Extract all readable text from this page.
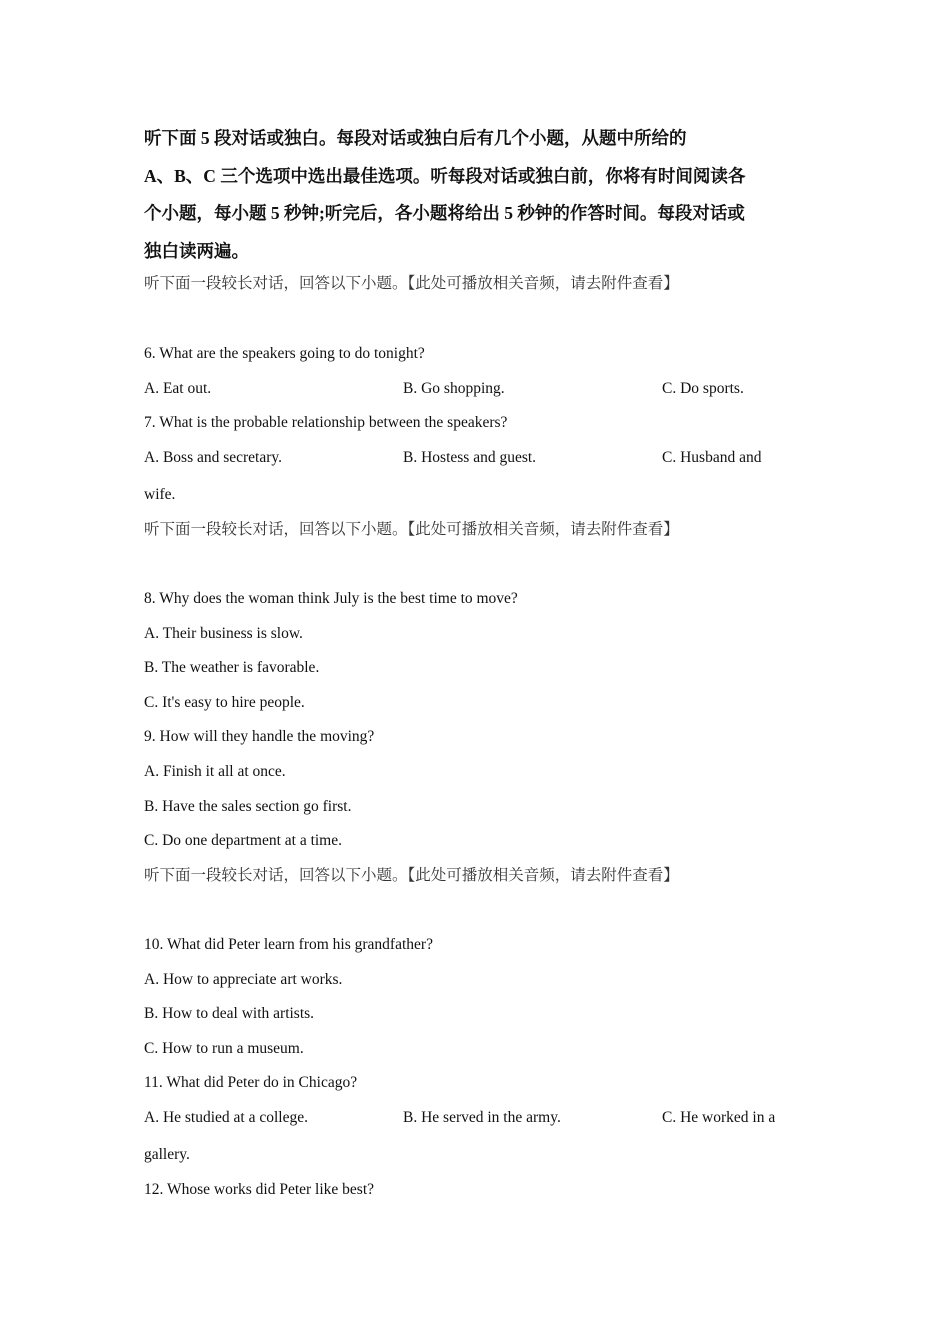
听下面 5 段对话或独白。每段对话或独白后有几个小题，从题中所给的

A、B、C 三个选项中选出最佳选项。听每段对话或独白前，你将有时间阅读各

个小题，每小题 5 秒钟;听完后，各小题将给出 5 秒钟的作答时间。每段对话或

独白读两遍。

听下面一段较长对话，回答以下小题。【此处可播放相关音频，请去附件查看】
6. What are the speakers going to do tonight?
A. Eat out.	B. Go shopping.	C. Do sports.
7. What is the probable relationship between the speakers?
A. Boss and secretary.	B. Hostess and guest.	C. Husband and
wife.
听下面一段较长对话，回答以下小题。【此处可播放相关音频，请去附件查看】
8. Why does the woman think July is the best time to move?
A. Their business is slow.
B. The weather is favorable.
C. It's easy to hire people.
9. How will they handle the moving?
A. Finish it all at once.
B. Have the sales section go first.
C. Do one department at a time.
听下面一段较长对话，回答以下小题。【此处可播放相关音频，请去附件查看】
10. What did Peter learn from his grandfather?
A. How to appreciate art works.
B. How to deal with artists.
C. How to run a museum.
11. What did Peter do in Chicago?
A. He studied at a college.	B. He served in the army.	C. He worked in a
gallery.
12. Whose works did Peter like best?
